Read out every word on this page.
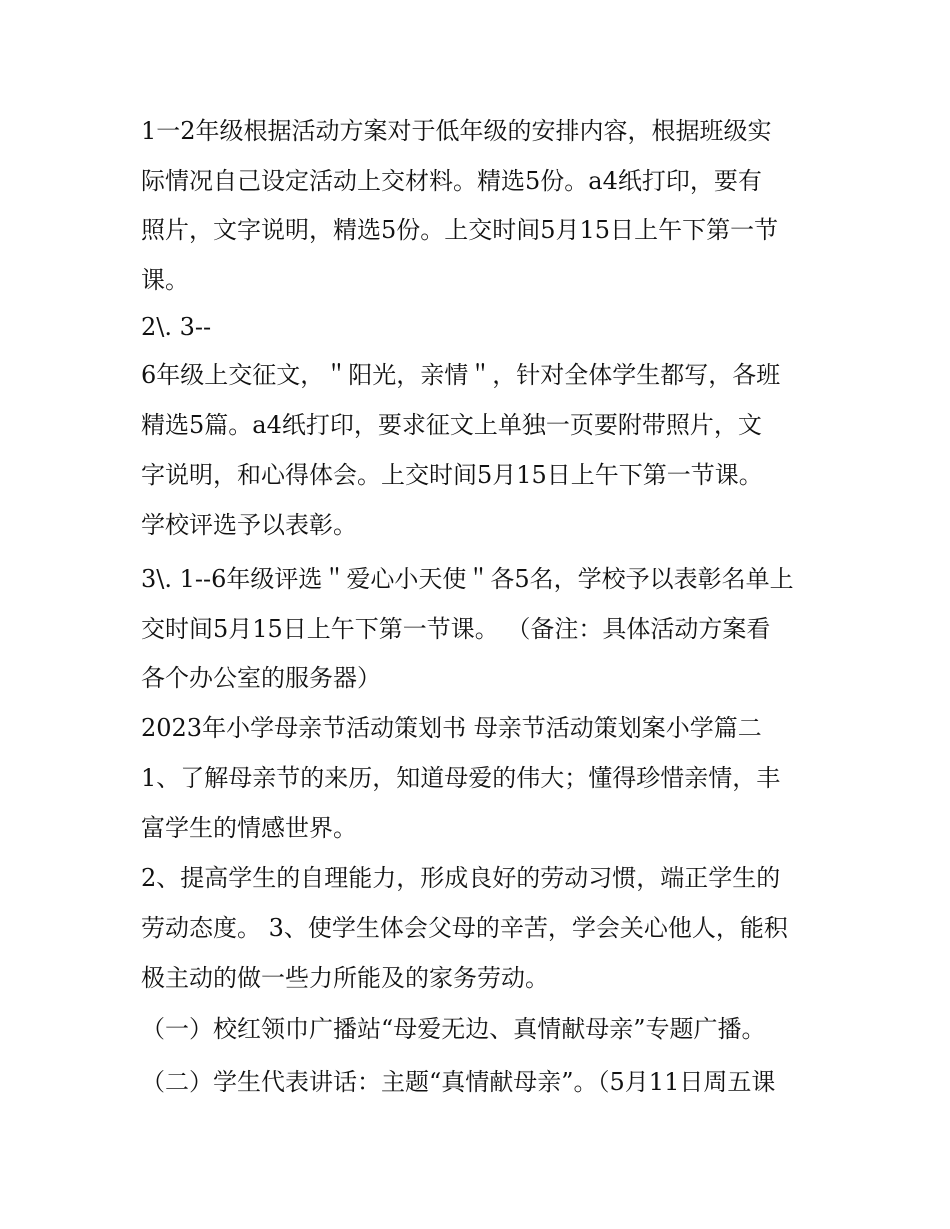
1一2年级根据活动方案对于低年级的安排内容，根据班级实
际情况自己设定活动上交材料。精选5份。a4纸打印，要有
照片，文字说明，精选5份。上交时间5月15日上午下第一节
课。
2\. 3--
6年级上交征文，＂阳光，亲情＂，针对全体学生都写，各班
精选5篇。a4纸打印，要求征文上单独一页要附带照片，文
字说明，和心得体会。上交时间5月15日上午下第一节课。
学校评选予以表彰。
3\. 1--6年级评选＂爱心小天使＂各5名，学校予以表彰名单上
交时间5月15日上午下第一节课。 （备注：具体活动方案看
各个办公室的服务器）
2023年小学母亲节活动策划书 母亲节活动策划案小学篇二
1、了解母亲节的来历，知道母爱的伟大；懂得珍惜亲情，丰
富学生的情感世界。
2、提高学生的自理能力，形成良好的劳动习惯，端正学生的
劳动态度。 3、使学生体会父母的辛苦，学会关心他人，能积
极主动的做一些力所能及的家务劳动。
（一）校红领巾广播站“母爱无边、真情献母亲”专题广播。
（二）学生代表讲话：主题“真情献母亲”。（5月11日周五课
